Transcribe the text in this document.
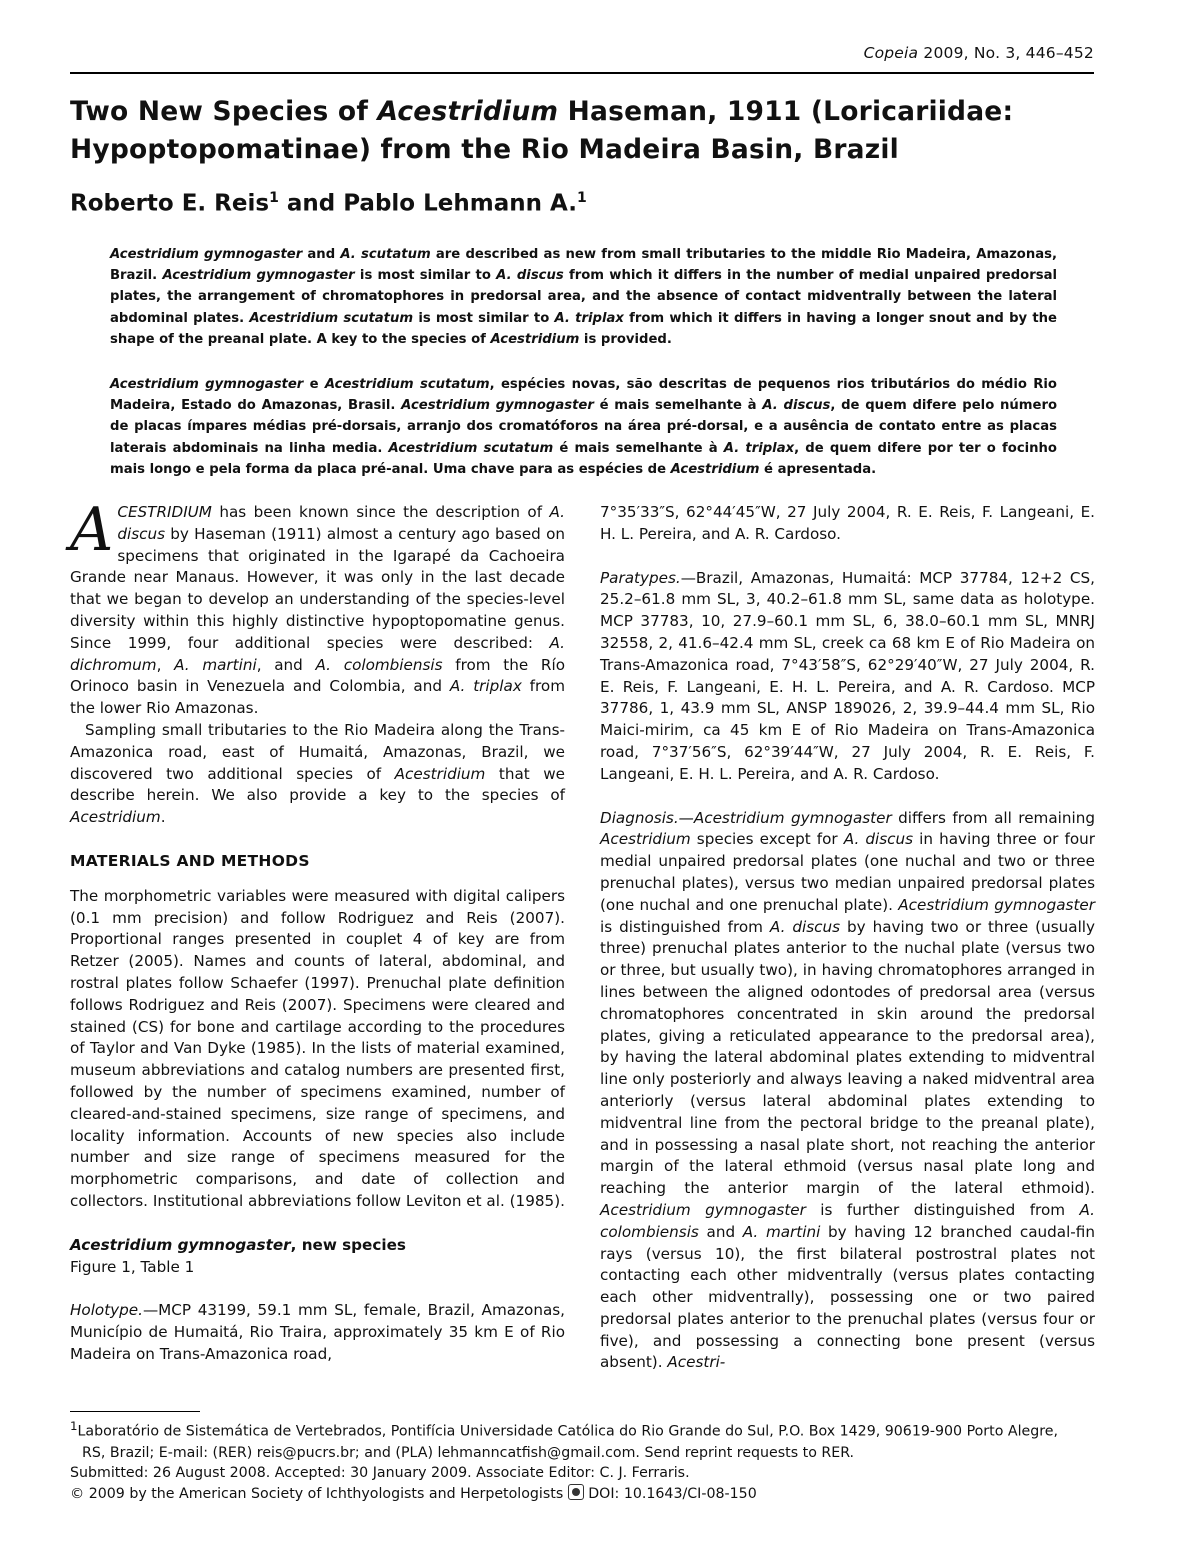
Copeia 2009, No. 3, 446–452
Two New Species of Acestridium Haseman, 1911 (Loricariidae: Hypoptopomatinae) from the Rio Madeira Basin, Brazil
Roberto E. Reis$^1$ and Pablo Lehmann A.$^1$

Acestridium gymnogaster and A. scutatum are described as new from small tributaries to the middle Rio Madeira, Amazonas, Brazil. Acestridium gymnogaster is most similar to A. discus from which it differs in the number of medial unpaired predorsal plates, the arrangement of chromatophores in predorsal area, and the absence of contact midventrally between the lateral abdominal plates. Acestridium scutatum is most similar to A. triplax from which it differs in having a longer snout and by the shape of the preanal plate. A key to the species of Acestridium is provided.

Acestridium gymnogaster e Acestridium scutatum, espécies novas, são descritas de pequenos rios tributários do médio Rio Madeira, Estado do Amazonas, Brasil. Acestridium gymnogaster é mais semelhante à A. discus, de quem difere pelo número de placas ímpares médias pré-dorsais, arranjo dos cromatóforos na área pré-dorsal, e a ausência de contato entre as placas laterais abdominais na linha media. Acestridium scutatum é mais semelhante à A. triplax, de quem difere por ter o focinho mais longo e pela forma da placa pré-anal. Uma chave para as espécies de Acestridium é apresentada.

ACESTRIDIUM has been known since the description of A. discus by Haseman (1911) almost a century ago based on specimens that originated in the Igarapé da Cachoeira Grande near Manaus. However, it was only in the last decade that we began to develop an understanding of the species-level diversity within this highly distinctive hypoptopomatine genus. Since 1999, four additional species were described: A. dichromum, A. martini, and A. colombiensis from the Río Orinoco basin in Venezuela and Colombia, and A. triplax from the lower Rio Amazonas.

Sampling small tributaries to the Rio Madeira along the Trans-Amazonica road, east of Humaitá, Amazonas, Brazil, we discovered two additional species of Acestridium that we describe herein. We also provide a key to the species of Acestridium.

MATERIALS AND METHODS

The morphometric variables were measured with digital calipers (0.1 mm precision) and follow Rodriguez and Reis (2007). Proportional ranges presented in couplet 4 of key are from Retzer (2005). Names and counts of lateral, abdominal, and rostral plates follow Schaefer (1997). Prenuchal plate definition follows Rodriguez and Reis (2007). Specimens were cleared and stained (CS) for bone and cartilage according to the procedures of Taylor and Van Dyke (1985). In the lists of material examined, museum abbreviations and catalog numbers are presented first, followed by the number of specimens examined, number of cleared-and-stained specimens, size range of specimens, and locality information. Accounts of new species also include number and size range of specimens measured for the morphometric comparisons, and date of collection and collectors. Institutional abbreviations follow Leviton et al. (1985).

Acestridium gymnogaster, new species

Figure 1, Table 1

Holotype.—MCP 43199, 59.1 mm SL, female, Brazil, Amazonas, Município de Humaitá, Rio Traira, approximately 35 km E of Rio Madeira on Trans-Amazonica road,

7°35′33″S, 62°44′45″W, 27 July 2004, R. E. Reis, F. Langeani, E. H. L. Pereira, and A. R. Cardoso.

Paratypes.—Brazil, Amazonas, Humaitá: MCP 37784, 12+2 CS, 25.2–61.8 mm SL, 3, 40.2–61.8 mm SL, same data as holotype. MCP 37783, 10, 27.9–60.1 mm SL, 6, 38.0–60.1 mm SL, MNRJ 32558, 2, 41.6–42.4 mm SL, creek ca 68 km E of Rio Madeira on Trans-Amazonica road, 7°43′58″S, 62°29′40″W, 27 July 2004, R. E. Reis, F. Langeani, E. H. L. Pereira, and A. R. Cardoso. MCP 37786, 1, 43.9 mm SL, ANSP 189026, 2, 39.9–44.4 mm SL, Rio Maici-mirim, ca 45 km E of Rio Madeira on Trans-Amazonica road, 7°37′56″S, 62°39′44″W, 27 July 2004, R. E. Reis, F. Langeani, E. H. L. Pereira, and A. R. Cardoso.

Diagnosis.—Acestridium gymnogaster differs from all remaining Acestridium species except for A. discus in having three or four medial unpaired predorsal plates (one nuchal and two or three prenuchal plates), versus two median unpaired predorsal plates (one nuchal and one prenuchal plate). Acestridium gymnogaster is distinguished from A. discus by having two or three (usually three) prenuchal plates anterior to the nuchal plate (versus two or three, but usually two), in having chromatophores arranged in lines between the aligned odontodes of predorsal area (versus chromatophores concentrated in skin around the predorsal plates, giving a reticulated appearance to the predorsal area), by having the lateral abdominal plates extending to midventral line only posteriorly and always leaving a naked midventral area anteriorly (versus lateral abdominal plates extending to midventral line from the pectoral bridge to the preanal plate), and in possessing a nasal plate short, not reaching the anterior margin of the lateral ethmoid (versus nasal plate long and reaching the anterior margin of the lateral ethmoid). Acestridium gymnogaster is further distinguished from A. colombiensis and A. martini by having 12 branched caudal-fin rays (versus 10), the first bilateral postrostral plates not contacting each other midventrally (versus plates contacting each other midventrally), possessing one or two paired predorsal plates anterior to the prenuchal plates (versus four or five), and possessing a connecting bone present (versus absent). Acestri-

$^1$Laboratório de Sistemática de Vertebrados, Pontifícia Universidade Católica do Rio Grande do Sul, P.O. Box 1429, 90619-900 Porto Alegre,

RS, Brazil; E-mail: (RER) reis@pucrs.br; and (PLA) lehmanncatfish@gmail.com. Send reprint requests to RER.

Submitted: 26 August 2008. Accepted: 30 January 2009. Associate Editor: C. J. Ferraris.

© 2009 by the American Society of Ichthyologists and Herpetologists DOI: 10.1643/CI-08-150
